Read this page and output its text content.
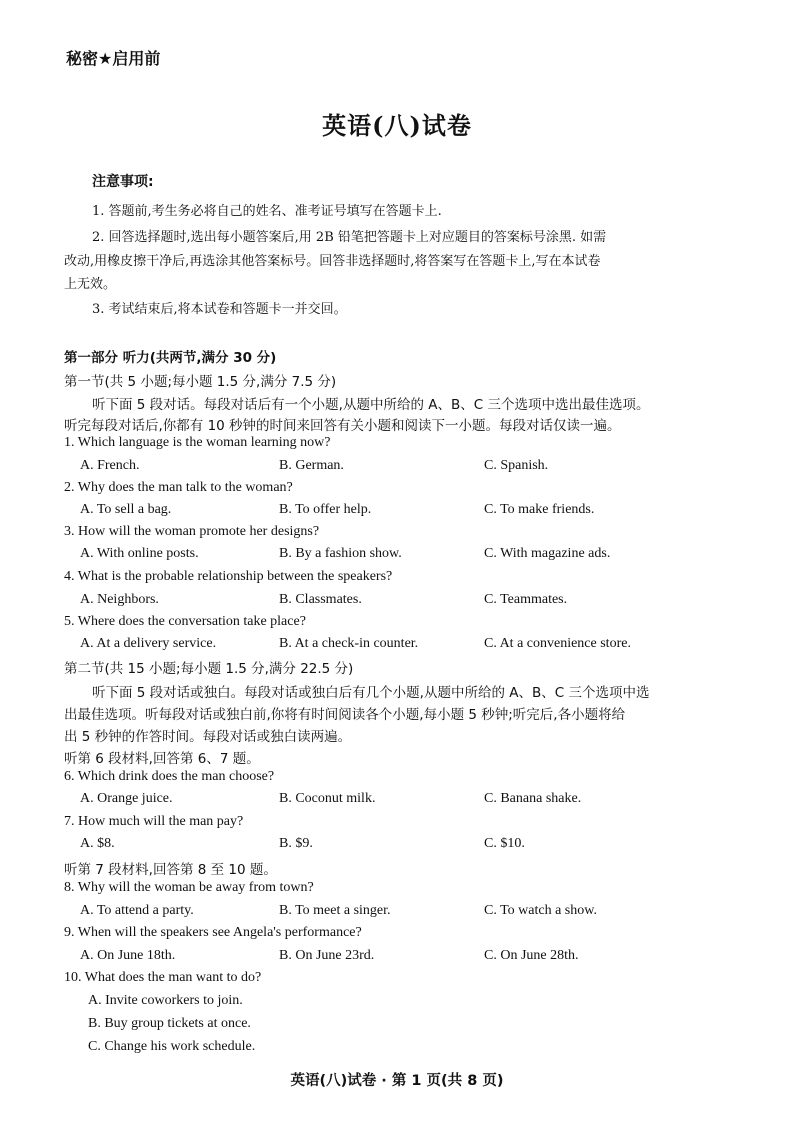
秘密★启用前
英语(八)试卷
注意事项:
1. 答题前,考生务必将自己的姓名、准考证号填写在答题卡上.
2. 回答选择题时,选出每小题答案后,用 2B 铅笔把答题卡上对应题目的答案标号涂黑. 如需
改动,用橡皮擦干净后,再选涂其他答案标号。回答非选择题时,将答案写在答题卡上,写在本试卷
上无效。
3. 考试结束后,将本试卷和答题卡一并交回。
第一部分 听力(共两节,满分 30 分)
第一节(共 5 小题;每小题 1.5 分,满分 7.5 分)
听下面 5 段对话。每段对话后有一个小题,从题中所给的 A、B、C 三个选项中选出最佳选项。
听完每段对话后,你都有 10 秒钟的时间来回答有关小题和阅读下一小题。每段对话仅读一遍。
1. Which language is the woman learning now?
A. French.	B. German.	C. Spanish.
2. Why does the man talk to the woman?
A. To sell a bag.	B. To offer help.	C. To make friends.
3. How will the woman promote her designs?
A. With online posts.	B. By a fashion show.	C. With magazine ads.
4. What is the probable relationship between the speakers?
A. Neighbors.	B. Classmates.	C. Teammates.
5. Where does the conversation take place?
A. At a delivery service.	B. At a check-in counter.	C. At a convenience store.
第二节(共 15 小题;每小题 1.5 分,满分 22.5 分)
听下面 5 段对话或独白。每段对话或独白后有几个小题,从题中所给的 A、B、C 三个选项中选
出最佳选项。听每段对话或独白前,你将有时间阅读各个小题,每小题 5 秒钟;听完后,各小题将给
出 5 秒钟的作答时间。每段对话或独白读两遍。
听第 6 段材料,回答第 6、7 题。
6. Which drink does the man choose?
A. Orange juice.	B. Coconut milk.	C. Banana shake.
7. How much will the man pay?
A. $8.	B. $9.	C. $10.
听第 7 段材料,回答第 8 至 10 题。
8. Why will the woman be away from town?
A. To attend a party.	B. To meet a singer.	C. To watch a show.
9. When will the speakers see Angela's performance?
A. On June 18th.	B. On June 23rd.	C. On June 28th.
10. What does the man want to do?
A. Invite coworkers to join.
B. Buy group tickets at once.
C. Change his work schedule.
英语(八)试卷 · 第 1 页(共 8 页)
